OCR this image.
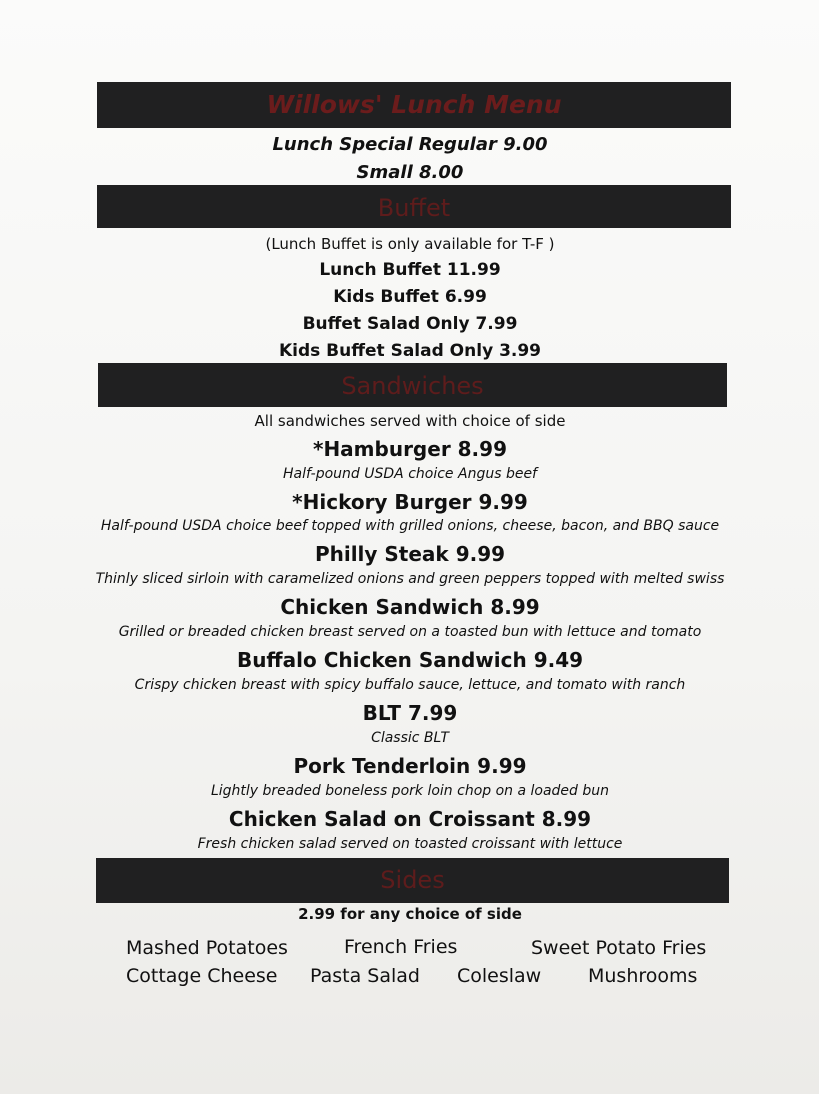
Willows' Lunch Menu
Lunch Special Regular 9.00
Small 8.00
Buffet
(Lunch Buffet is only available for T-F )
Lunch Buffet 11.99
Kids Buffet 6.99
Buffet Salad Only 7.99
Kids Buffet Salad Only 3.99
Sandwiches
All sandwiches served with choice of side
*Hamburger 8.99
Half-pound USDA choice Angus beef
*Hickory Burger 9.99
Half-pound USDA choice beef topped with grilled onions, cheese, bacon, and BBQ sauce
Philly Steak 9.99
Thinly sliced sirloin with caramelized onions and green peppers topped with melted swiss
Chicken Sandwich 8.99
Grilled or breaded chicken breast served on a toasted bun with lettuce and tomato
Buffalo Chicken Sandwich 9.49
Crispy chicken breast with spicy buffalo sauce, lettuce, and tomato with ranch
BLT 7.99
Classic BLT
Pork Tenderloin 9.99
Lightly breaded boneless pork loin chop on a loaded bun
Chicken Salad on Croissant 8.99
Fresh chicken salad served on toasted croissant with lettuce
Sides
2.99 for any choice of side
Mashed Potatoes	French Fries	Sweet Potato Fries
Cottage Cheese Pasta Salad Coleslaw Mushrooms
